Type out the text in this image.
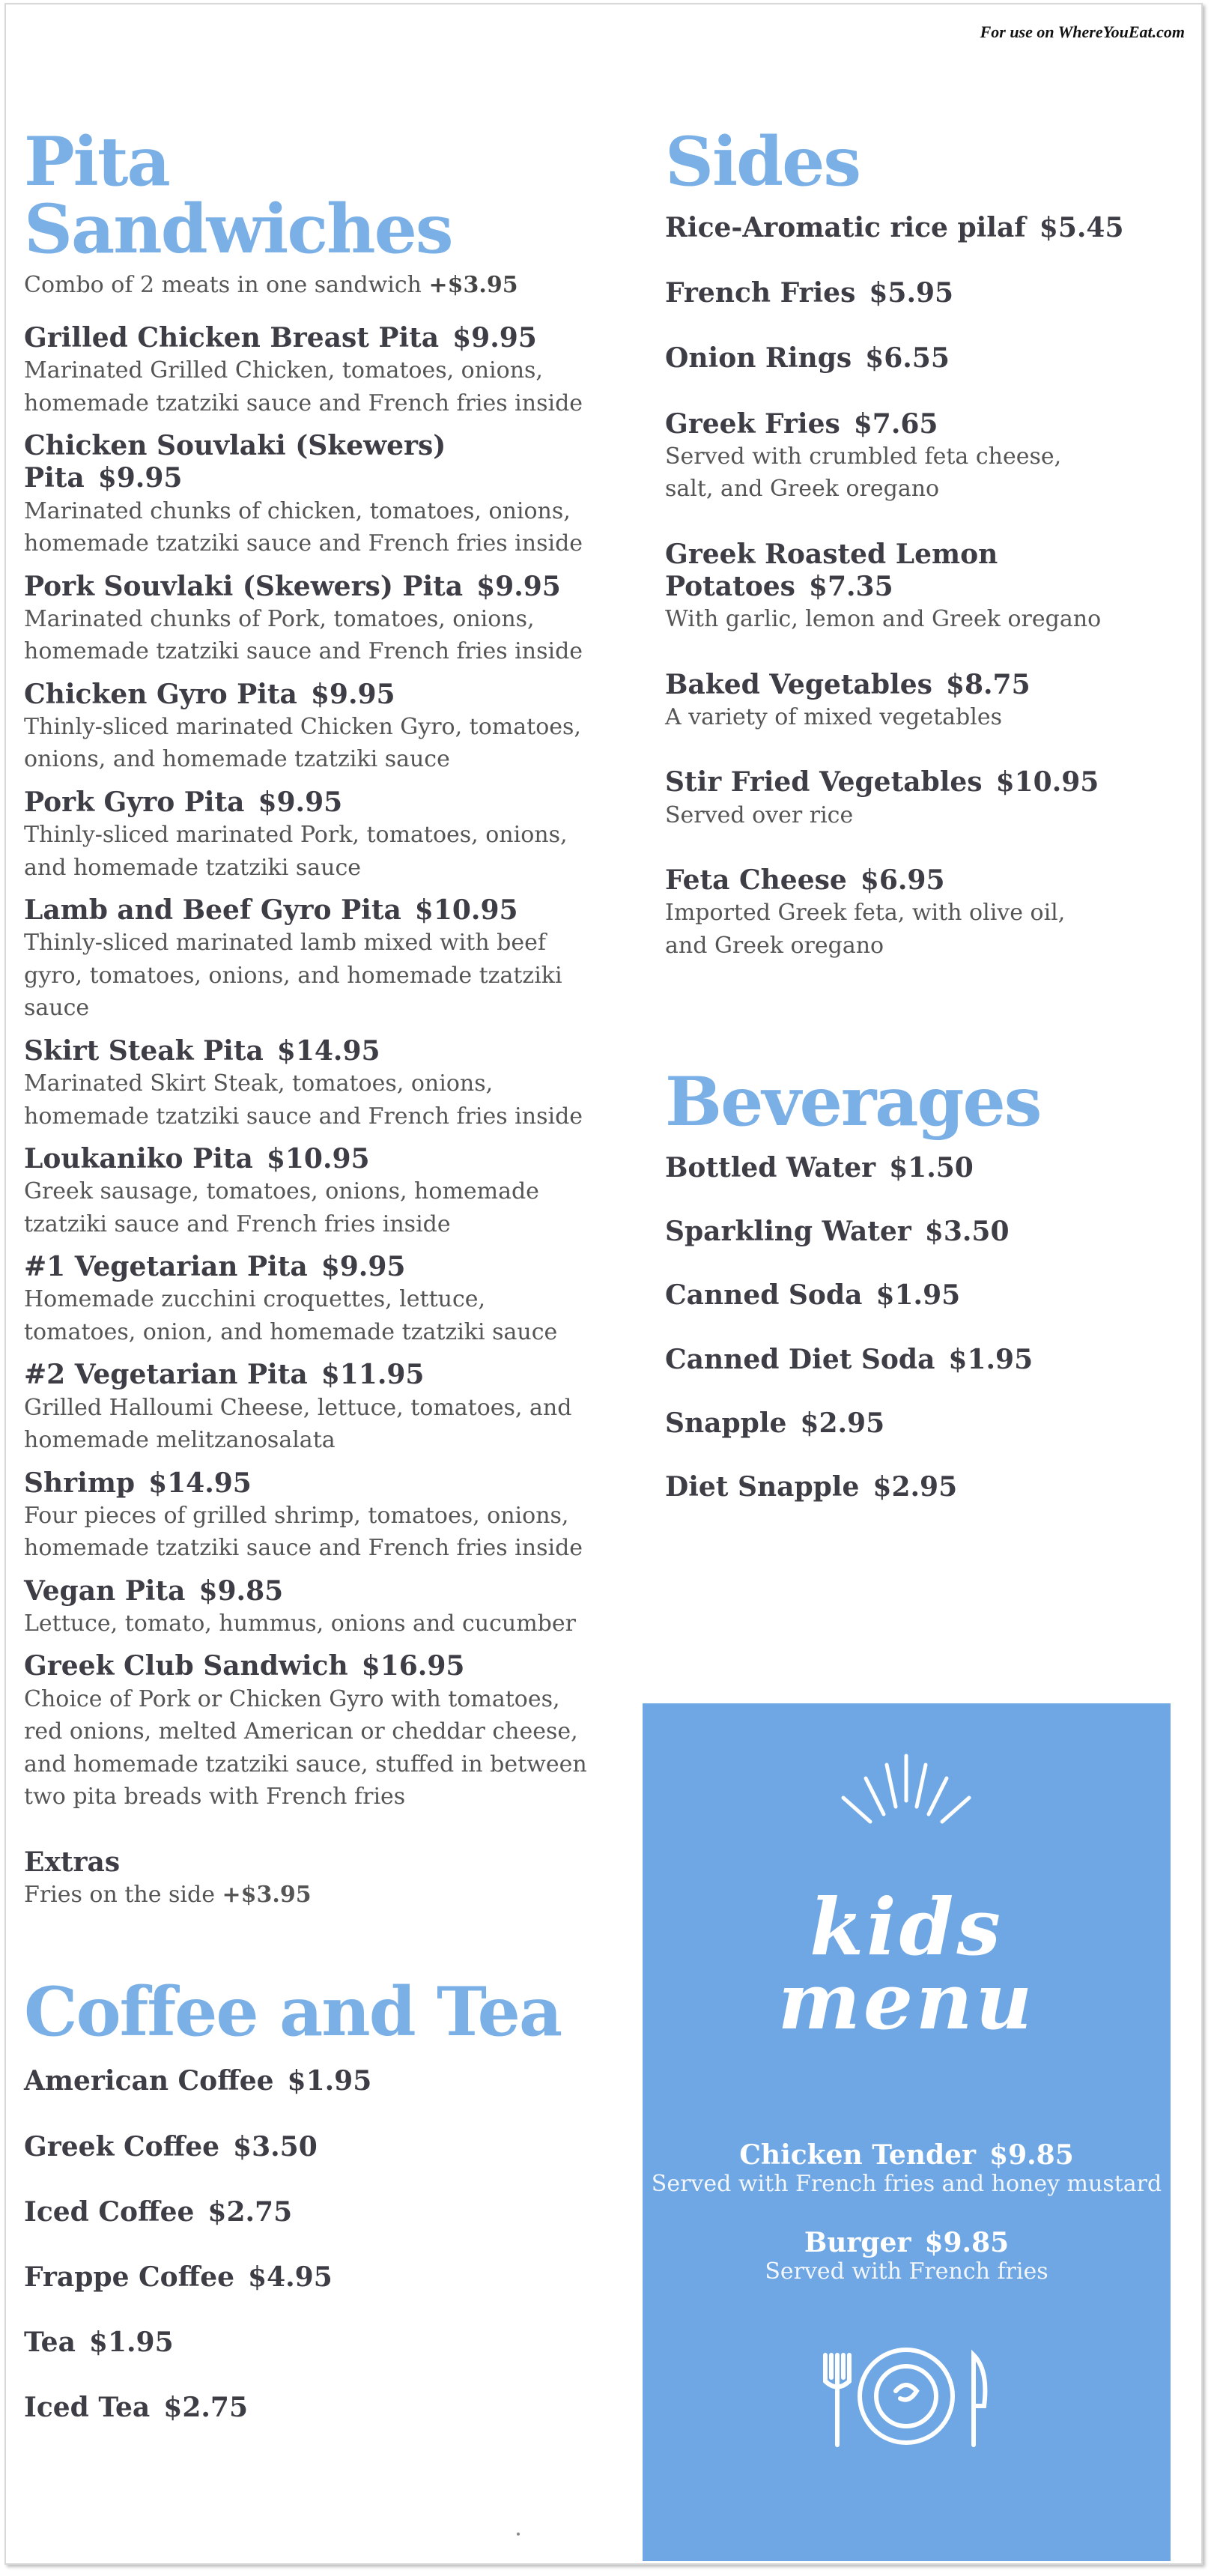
For use on WhereYouEat.com
Pita Sandwiches
Combo of 2 meats in one sandwich +$3.95
Grilled Chicken Breast Pita $9.95
Marinated Grilled Chicken, tomatoes, onions, homemade tzatziki sauce and French fries inside
Chicken Souvlaki (Skewers) Pita $9.95
Marinated chunks of chicken, tomatoes, onions, homemade tzatziki sauce and French fries inside
Pork Souvlaki (Skewers) Pita $9.95
Marinated chunks of Pork, tomatoes, onions, homemade tzatziki sauce and French fries inside
Chicken Gyro Pita $9.95
Thinly-sliced marinated Chicken Gyro, tomatoes, onions, and homemade tzatziki sauce
Pork Gyro Pita $9.95
Thinly-sliced marinated Pork, tomatoes, onions, and homemade tzatziki sauce
Lamb and Beef Gyro Pita $10.95
Thinly-sliced marinated lamb mixed with beef gyro, tomatoes, onions, and homemade tzatziki sauce
Skirt Steak Pita $14.95
Marinated Skirt Steak, tomatoes, onions, homemade tzatziki sauce and French fries inside
Loukaniko Pita $10.95
Greek sausage, tomatoes, onions, homemade tzatziki sauce and French fries inside
#1 Vegetarian Pita $9.95
Homemade zucchini croquettes, lettuce, tomatoes, onion, and homemade tzatziki sauce
#2 Vegetarian Pita $11.95
Grilled Halloumi Cheese, lettuce, tomatoes, and homemade melitzanosalata
Shrimp $14.95
Four pieces of grilled shrimp, tomatoes, onions, homemade tzatziki sauce and French fries inside
Vegan Pita $9.85
Lettuce, tomato, hummus, onions and cucumber
Greek Club Sandwich $16.95
Choice of Pork or Chicken Gyro with tomatoes, red onions, melted American or cheddar cheese, and homemade tzatziki sauce, stuffed in between two pita breads with French fries
Extras
Fries on the side +$3.95
Coffee and Tea
American Coffee $1.95
Greek Coffee $3.50
Iced Coffee $2.75
Frappe Coffee $4.95
Tea $1.95
Iced Tea $2.75
Sides
Rice-Aromatic rice pilaf $5.45
French Fries $5.95
Onion Rings $6.55
Greek Fries $7.65
Served with crumbled feta cheese, salt, and Greek oregano
Greek Roasted Lemon Potatoes $7.35
With garlic, lemon and Greek oregano
Baked Vegetables $8.75
A variety of mixed vegetables
Stir Fried Vegetables $10.95
Served over rice
Feta Cheese $6.95
Imported Greek feta, with olive oil, and Greek oregano
Beverages
Bottled Water $1.50
Sparkling Water $3.50
Canned Soda $1.95
Canned Diet Soda $1.95
Snapple $2.95
Diet Snapple $2.95
kids
menu
Chicken Tender $9.85
Served with French fries and honey mustard
Burger $9.85
Served with French fries
